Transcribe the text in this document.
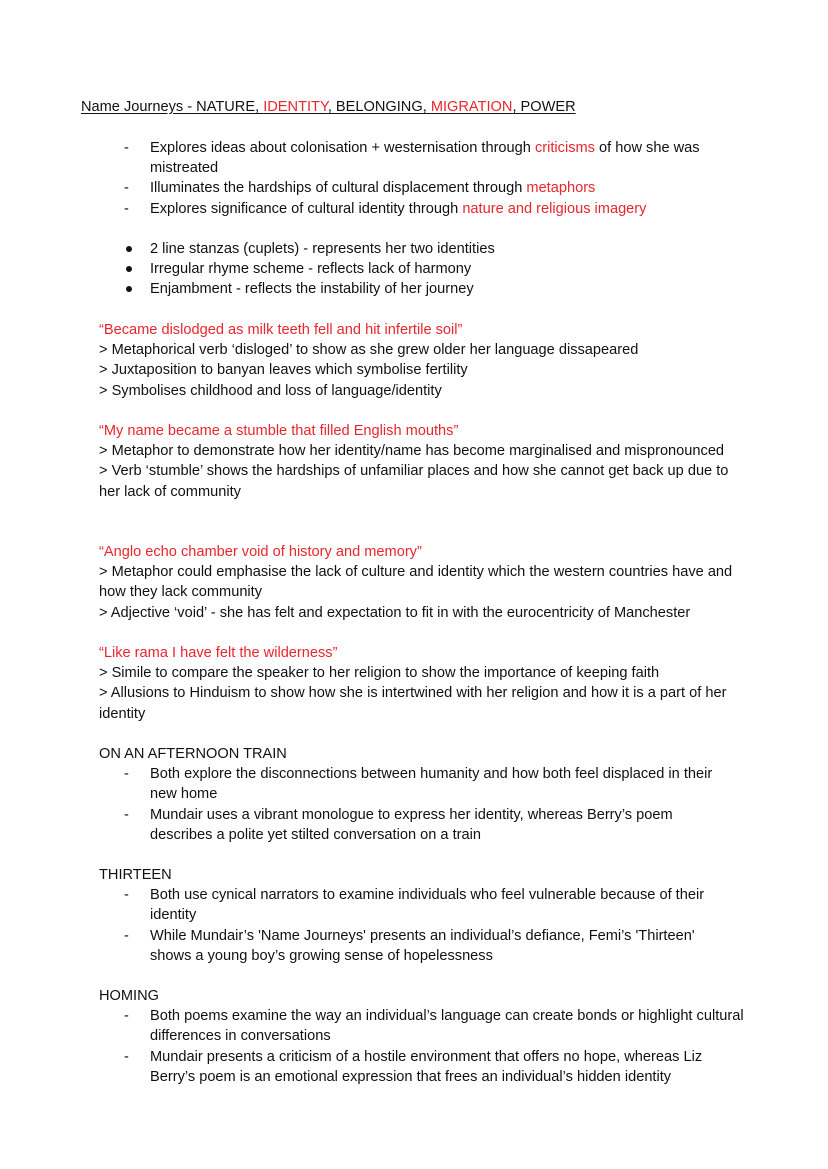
Name Journeys - NATURE, IDENTITY, BELONGING, MIGRATION, POWER
- Explores ideas about colonisation + westernisation through criticisms of how she was mistreated
- Illuminates the hardships of cultural displacement through metaphors
- Explores significance of cultural identity through nature and religious imagery
2 line stanzas (cuplets) - represents her two identities
Irregular rhyme scheme - reflects lack of harmony
Enjambment - reflects the instability of her journey

“Became dislodged as milk teeth fell and hit infertile soil”

> Metaphorical verb ‘disloged’ to show as she grew older her language dissapeared

> Juxtaposition to banyan leaves which symbolise fertility

> Symbolises childhood and loss of language/identity

“My name became a stumble that filled English mouths”

> Metaphor to demonstrate how her identity/name has become marginalised and mispronounced

> Verb ‘stumble’ shows the hardships of unfamiliar places and how she cannot get back up due to her lack of community

“Anglo echo chamber void of history and memory”

> Metaphor could emphasise the lack of culture and identity which the western countries have and how they lack community

> Adjective ‘void’ - she has felt and expectation to fit in with the eurocentricity of Manchester

“Like rama I have felt the wilderness”

> Simile to compare the speaker to her religion to show the importance of keeping faith

> Allusions to Hinduism to show how she is intertwined with her religion and how it is a part of her identity

ON AN AFTERNOON TRAIN

- Both explore the disconnections between humanity and how both feel displaced in their new home
- Mundair uses a vibrant monologue to express her identity, whereas Berry’s poem describes a polite yet stilted conversation on a train

THIRTEEN

- Both use cynical narrators to examine individuals who feel vulnerable because of their identity
- While Mundair’s 'Name Journeys' presents an individual’s defiance, Femi’s 'Thirteen' shows a young boy’s growing sense of hopelessness

HOMING

- Both poems examine the way an individual’s language can create bonds or highlight cultural differences in conversations
- Mundair presents a criticism of a hostile environment that offers no hope, whereas Liz Berry’s poem is an emotional expression that frees an individual’s hidden identity
